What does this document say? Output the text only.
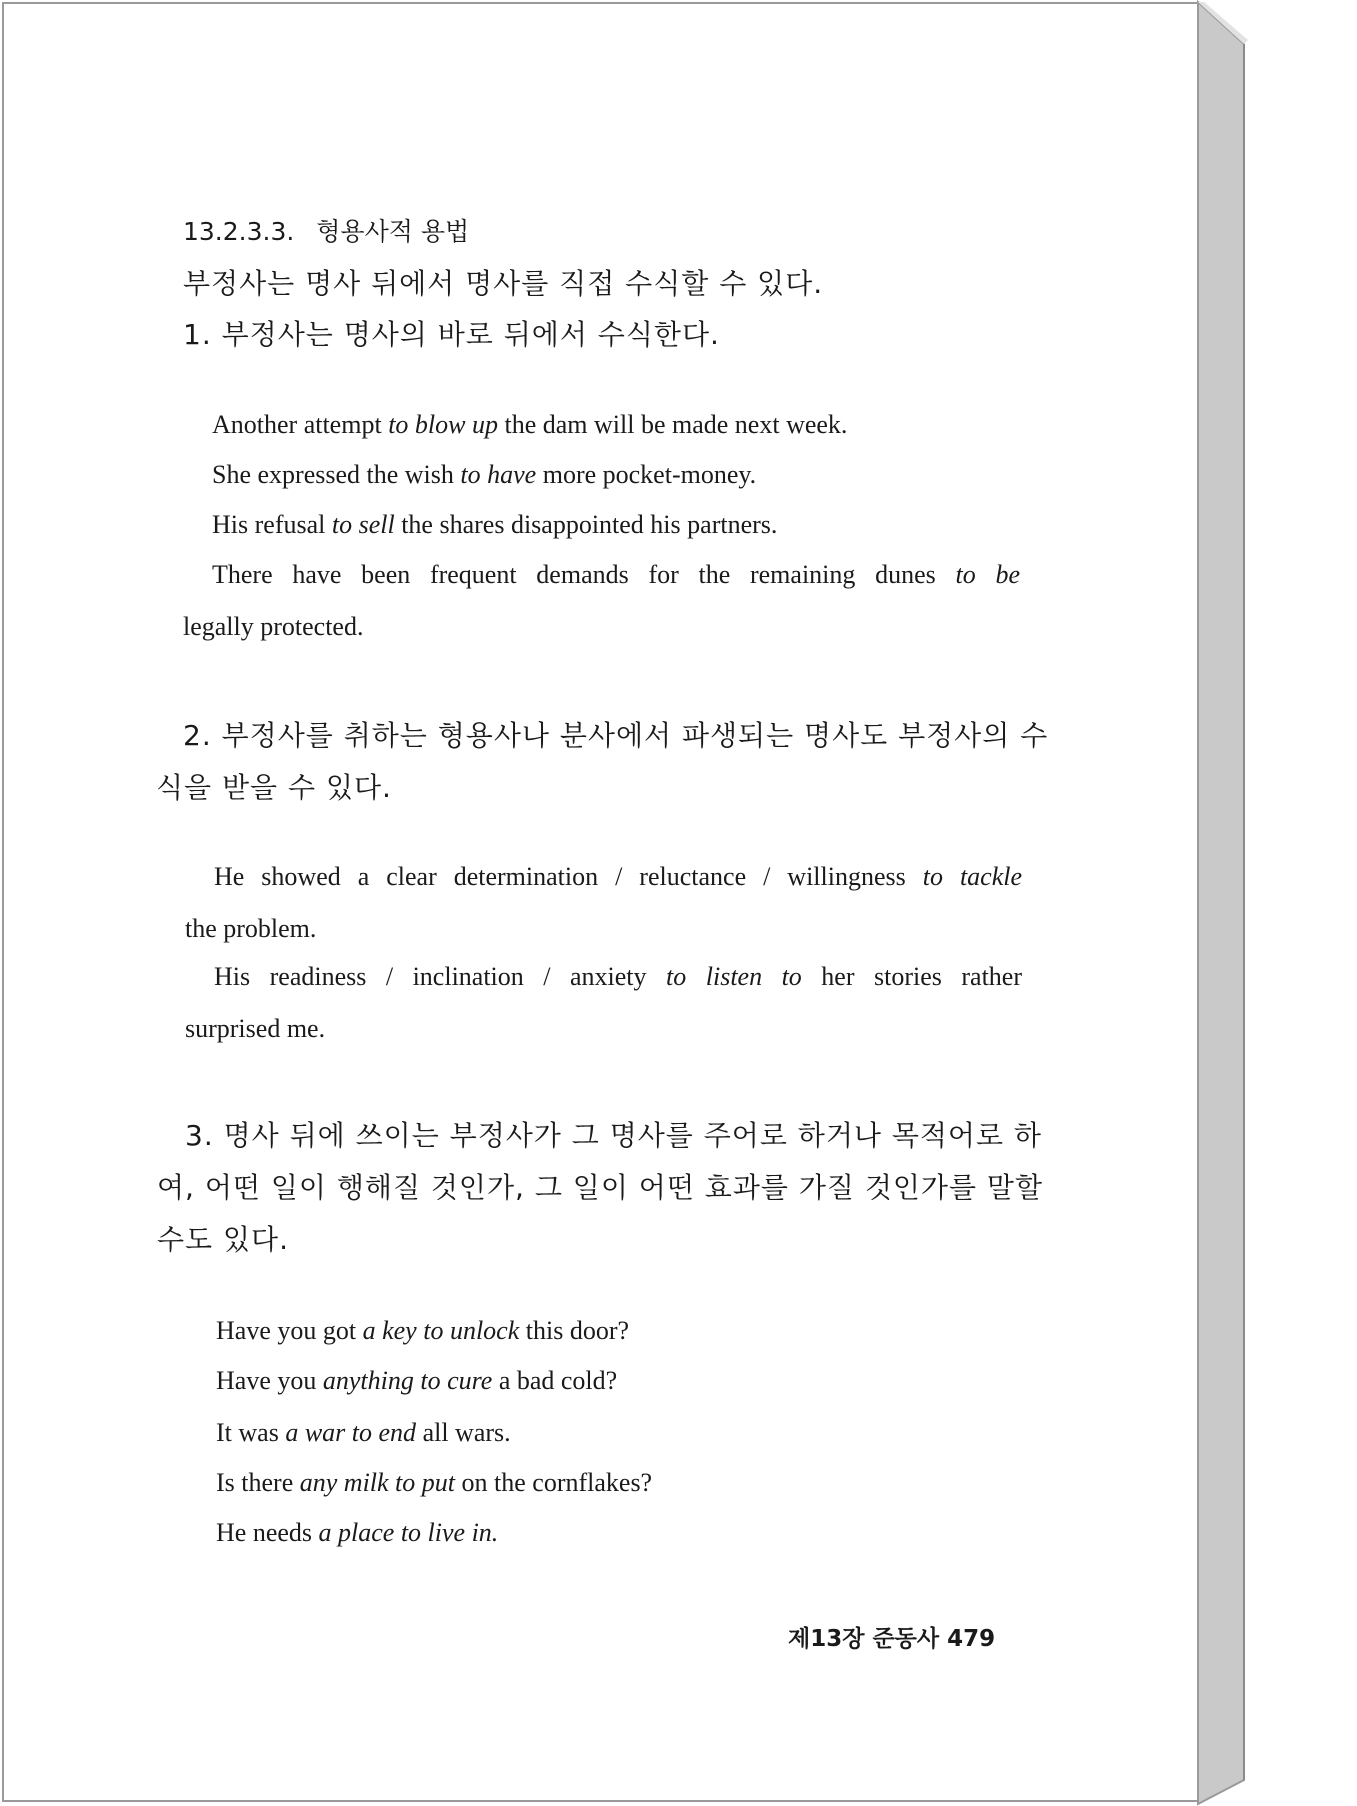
13.2.3.3. 형용사적 용법
부정사는 명사 뒤에서 명사를 직접 수식할 수 있다.
1. 부정사는 명사의 바로 뒤에서 수식한다.
Another attempt to blow up the dam will be made next week.
She expressed the wish to have more pocket-money.
His refusal to sell the shares disappointed his partners.
There have been frequent demands for the remaining dunes to be
legally protected.
2. 부정사를 취하는 형용사나 분사에서 파생되는 명사도 부정사의 수
식을 받을 수 있다.
He showed a clear determination / reluctance / willingness to tackle
the problem.
His readiness / inclination / anxiety to listen to her stories rather
surprised me.
3. 명사 뒤에 쓰이는 부정사가 그 명사를 주어로 하거나 목적어로 하
여, 어떤 일이 행해질 것인가, 그 일이 어떤 효과를 가질 것인가를 말할
수도 있다.
Have you got a key to unlock this door?
Have you anything to cure a bad cold?
It was a war to end all wars.
Is there any milk to put on the cornflakes?
He needs a place to live in.
제13장 준동사 479
